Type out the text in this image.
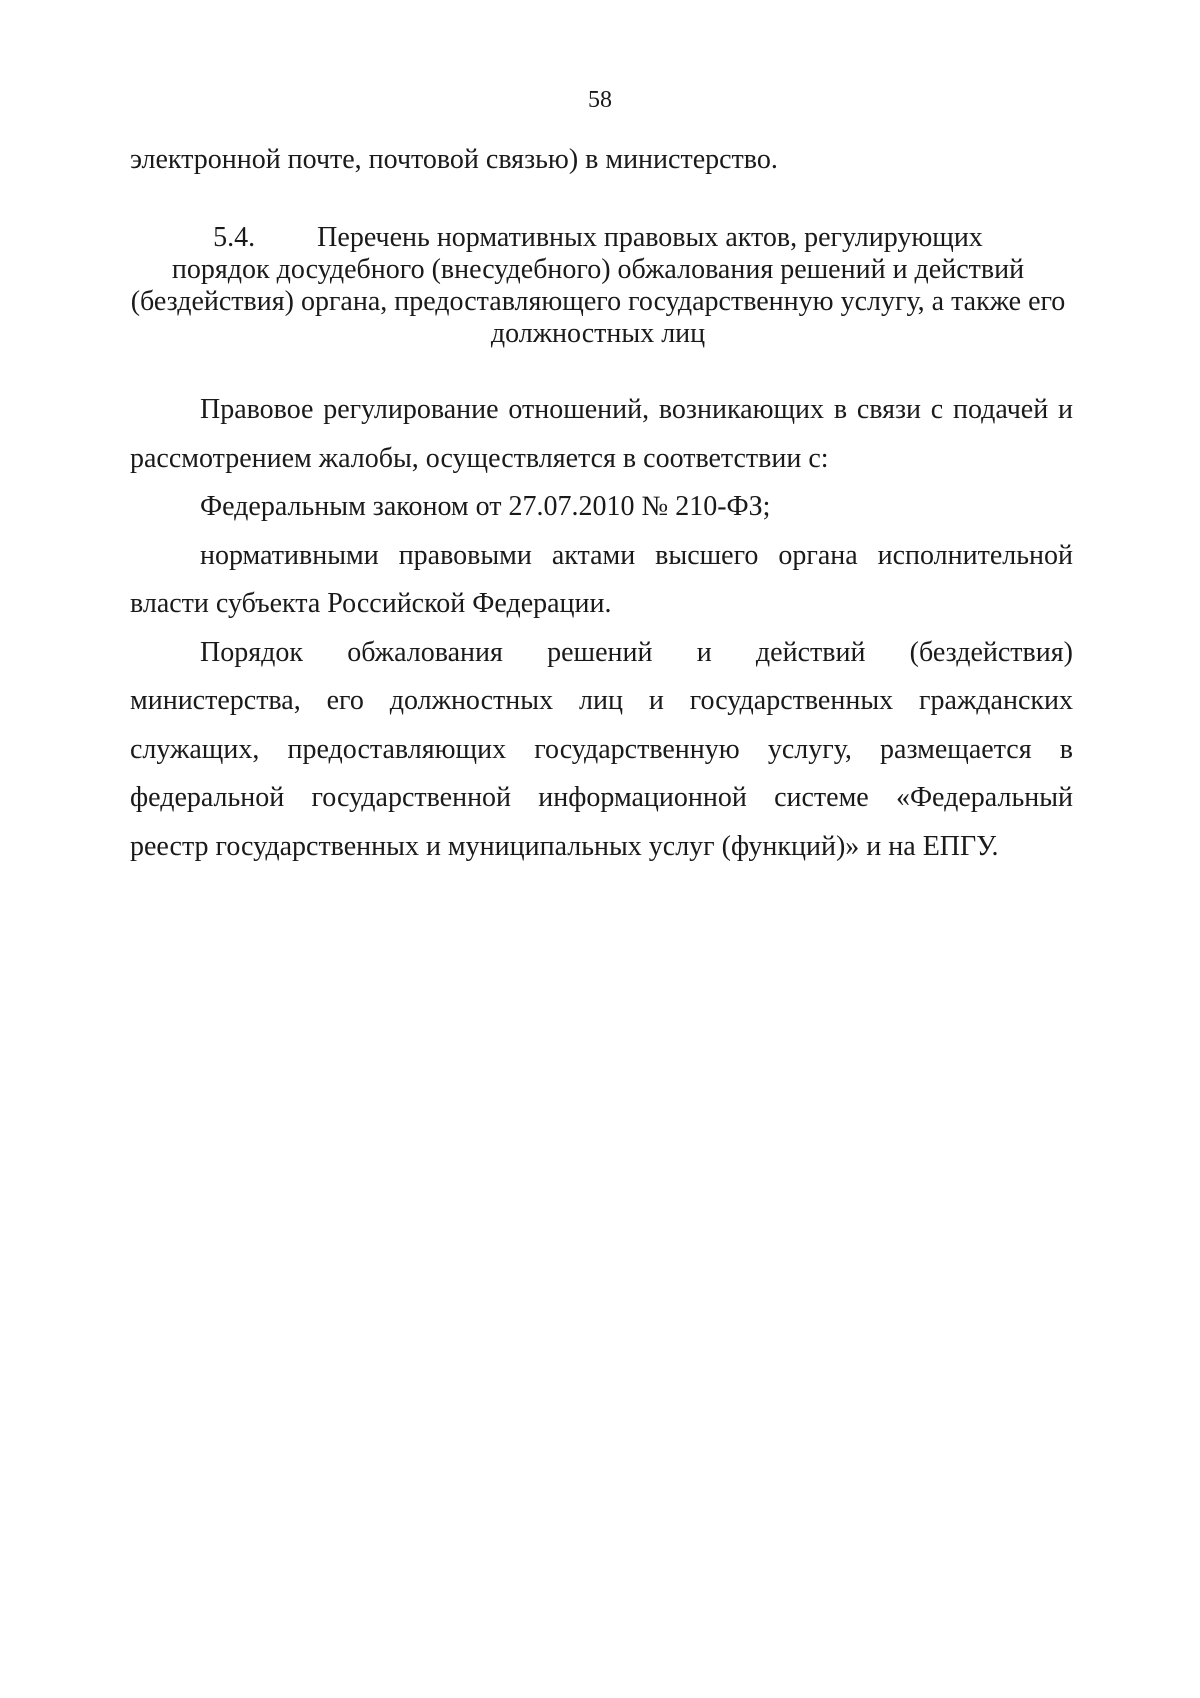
58
электронной почте, почтовой связью) в министерство.
5.4. Перечень нормативных правовых актов, регулирующих
порядок досудебного (внесудебного) обжалования решений и действий
(бездействия) органа, предоставляющего государственную услугу, а также его
должностных лиц
Правовое регулирование отношений, возникающих в связи с подачей и
рассмотрением жалобы, осуществляется в соответствии с:
Федеральным законом от 27.07.2010 № 210-ФЗ;
нормативными правовыми актами высшего органа исполнительной
власти субъекта Российской Федерации.
Порядок обжалования решений и действий (бездействия)
министерства, его должностных лиц и государственных гражданских
служащих, предоставляющих государственную услугу, размещается в
федеральной государственной информационной системе «Федеральный
реестр государственных и муниципальных услуг (функций)» и на ЕПГУ.
